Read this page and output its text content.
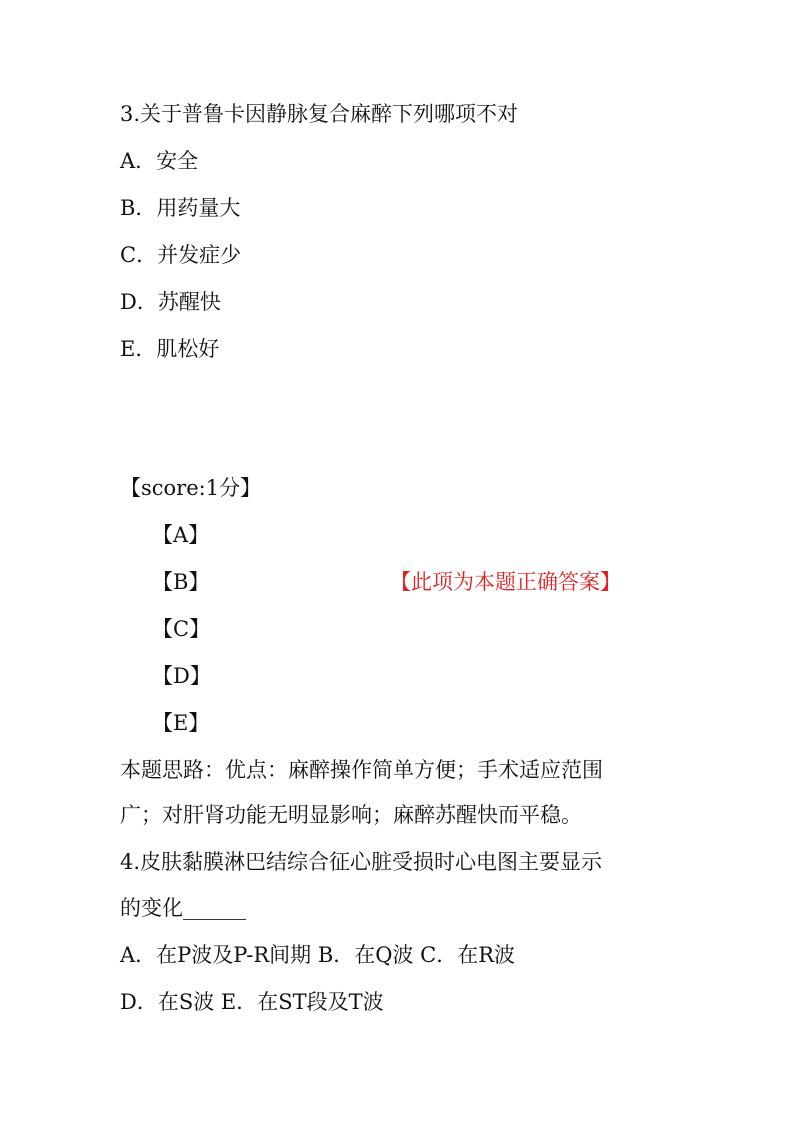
3.关于普鲁卡因静脉复合麻醉下列哪项不对
A．安全
B．用药量大
C．并发症少
D．苏醒快
E．肌松好
【score:1分】
【A】
【B】	【此项为本题正确答案】
【C】
【D】
【E】
本题思路：优点：麻醉操作简单方便；手术适应范围
广；对肝肾功能无明显影响；麻醉苏醒快而平稳。
4.皮肤黏膜淋巴结综合征心脏受损时心电图主要显示
的变化______
A．在P波及P-R间期 B．在Q波 C．在R波
D．在S波 E．在ST段及T波
